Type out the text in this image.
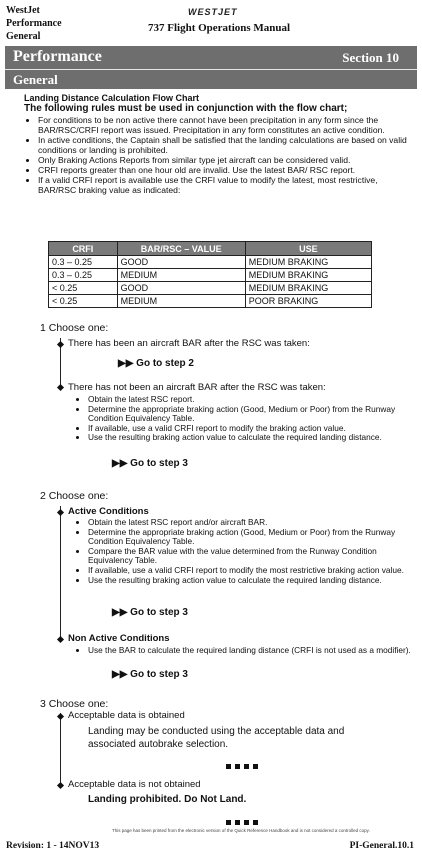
WestJet
Performance
General
WESTJET
737 Flight Operations Manual
Performance	Section 10
General
Landing Distance Calculation Flow Chart
The following rules must be used in conjunction with the flow chart;
• For conditions to be non active there cannot have been precipitation in any form since the BAR/RSC/CRFI report was issued. Precipitation in any form constitutes an active condition.
• In active conditions, the Captain shall be satisfied that the landing calculations are based on valid conditions or landing is prohibited.
• Only Braking Actions Reports from similar type jet aircraft can be considered valid.
• CRFI reports greater than one hour old are invalid. Use the latest BAR/ RSC report.
• If a valid CRFI report is available use the CRFI value to modify the latest, most restrictive, BAR/RSC braking value as indicated:
CRFI	BAR/RSC – VALUE	USE
0.3 – 0.25	GOOD	MEDIUM BRAKING
0.3 – 0.25	MEDIUM	MEDIUM BRAKING
< 0.25	GOOD	MEDIUM BRAKING
< 0.25	MEDIUM	POOR BRAKING
1 Choose one:
There has been an aircraft BAR after the RSC was taken:
▶▶ Go to step 2
There has not been an aircraft BAR after the RSC was taken:
• Obtain the latest RSC report.
• Determine the appropriate braking action (Good, Medium or Poor) from the Runway Condition Equivalency Table.
• If available, use a valid CRFI report to modify the braking action value.
• Use the resulting braking action value to calculate the required landing distance.
▶▶ Go to step 3
2 Choose one:
Active Conditions
• Obtain the latest RSC report and/or aircraft BAR.
• Determine the appropriate braking action (Good, Medium or Poor) from the Runway Condition Equivalency Table.
• Compare the BAR value with the value determined from the Runway Condition Equivalency Table.
• If available, use a valid CRFI report to modify the most restrictive braking action value.
• Use the resulting braking action value to calculate the required landing distance.
▶▶ Go to step 3
Non Active Conditions
• Use the BAR to calculate the required landing distance (CRFI is not used as a modifier).
▶▶ Go to step 3
3 Choose one:
Acceptable data is obtained
Landing may be conducted using the acceptable data and associated autobrake selection.
Acceptable data is not obtained
Landing prohibited. Do Not Land.
This page has been printed from the electronic version of the Quick Reference Handbook and is not considered a controlled copy.
Revision: 1 - 14NOV13	PI-General.10.1
